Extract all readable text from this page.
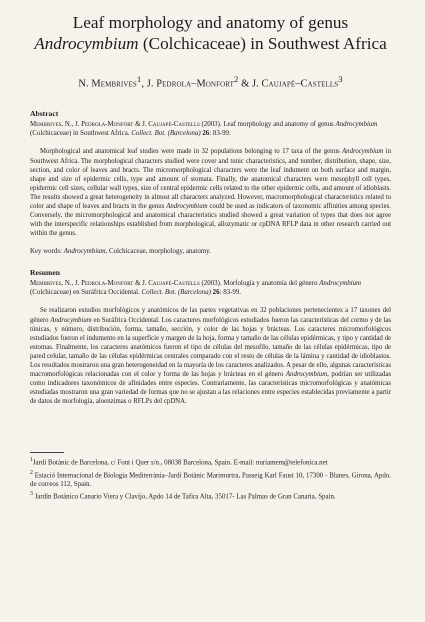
Leaf morphology and anatomy of genus
Androcymbium (Colchicaceae) in Southwest Africa
N. Membrives$^1$, J. Pedrola–Monfort$^2$ & J. Caujapé–Castells$^3$
Abstract
Membrives, N., J. Pedrola-Monfort & J. Caujapé-Castells (2003). Leaf morphology and anatomy of genus Androcymbium (Colchicaceae) in Southwest Africa. Collect. Bot. (Barcelona) 26: 83-99.
Morphological and anatomical leaf studies were made in 32 populations belonging to 17 taxa of the genus Androcymbium in Southwest Africa. The morphological characters studied were cover and tunic characteristics, and number, distribution, shape, size, section, and color of leaves and bracts. The micromorphological characters were the leaf indument on both surface and margin, shape and size of epidermic cells, type and amount of stomata. Finally, the anatomical characters were mesophyll cell types, epidermic cell sizes, cellular wall types, size of central epidermic cells related to the other epidermic cells, and amount of idioblasts. The results showed a great heterogeneity in almost all characters analyzed. However, macromorphological characteristics related to color and shape of leaves and bracts in the genus Androcymbium could be used as indicators of taxonomic affinities among species. Conversely, the micromorphological and anatomical characteristics studied showed a great variation of types that does not agree with the interspecific relationships established from morphological, allozymatic or cpDNA RFLP data in other research carried out within the genus.
Key words: Androcymbium, Colchicaceae, morphology, anatomy.
Resumen
Membrives, N., J. Pedrola-Monfort & J. Caujapé-Castells (2003). Morfología y anatomía del género Androcymbium (Colchicaceae) en Suráfrica Occidental. Collect. Bot. (Barcelona) 26: 83-99.
Se realizaron estudios morfológicos y anatómicos de las partes vegetativas en 32 poblaciones pertenecientes a 17 taxones del género Androcymbium en Suráfrica Occidental. Los caracteres morfológicos estudiados fueron las características del cormo y de las túnicas, y número, distribución, forma, tamaño, sección, y color de las hojas y brácteas. Los caracteres micromorfológicos estudiados fueron el indumento en la superficie y margen de la hoja, forma y tamaño de las células epidérmicas, y tipo y cantidad de estomas. Finalmente, los caracteres anatómicos fueron el tipo de células del mesofilo, tamaño de las células epidérmicas, tipo de pared celular, tamaño de las células epidérmicas centrales comparado con el resto de células de la lámina y cantidad de idioblastos. Los resultados mostraron una gran heterogeneidad en la mayoría de los caracteres analizados. A pesar de ello, algunas características macromorfológicas relacionadas con el color y forma de las hojas y brácteas en el género Androcymbium, podrían ser utilizadas como indicadores taxonómicos de afinidades entre especies. Contrariamente, las características micromorfológicas y anatómicas estudiadas mostraron una gran variedad de formas que no se ajustan a las relaciones entre especies establecidas previamente a partir de datos de morfología, aloenzimas o RFLPs del cpDNA.
$^1$Jardí Botànic de Barcelona, c/ Font i Quer s/n., 08038 Barcelona, Spain. E-mail: nuriamem@telefonica.net
$^2$ Estació Internacional de Biologia Mediterrània–Jardí Botànic Marimurtra, Passeig Karl Faust 10, 17300 - Blanes, Girona, Apdo. de correos 112, Spain.
$^3$ Jardín Botánico Canario Viera y Clavijo, Apdo 14 de Tafira Alta, 35017- Las Palmas de Gran Canaria, Spain.
